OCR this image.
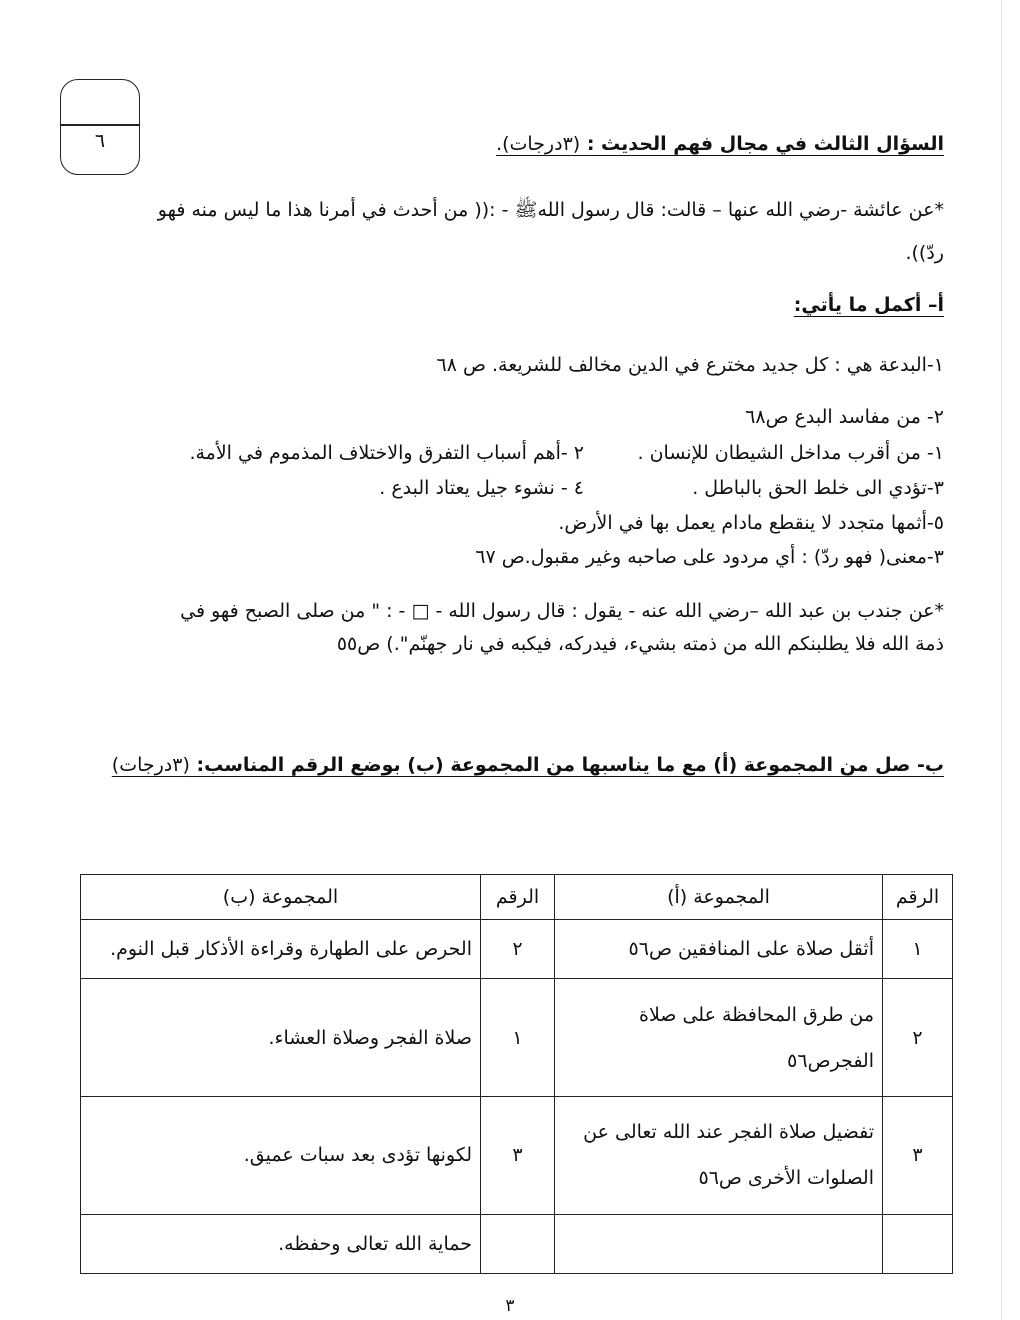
٦	السؤال الثالث في مجال فهم الحديث : (٣درجات).
*عن عائشة -رضي الله عنها – قالت: قال رسول اللهﷺ - :(( من أحدث في أمرنا هذا ما ليس منه فهو
ردّ)).
أ– أكمل ما يأتي:
١-البدعة هي : كل جديد مخترع في الدين مخالف للشريعة. ص ٦٨
٢- من مفاسد البدع ص٦٨
١- من أقرب مداخل الشيطان للإنسان .
٢ -أهم أسباب التفرق والاختلاف المذموم في الأمة.
٣-تؤدي الى خلط الحق بالباطل .
٤ - نشوء جيل يعتاد البدع .
٥-أثمها متجدد لا ينقطع مادام يعمل بها في الأرض.
٣-معنى( فهو ردّ) : أي مردود على صاحبه وغير مقبول.ص ٦٧
*عن جندب بن عبد الله –رضي الله عنه - يقول : قال رسول الله - □ - : " من صلى الصبح فهو في
ذمة الله فلا يطلبنكم الله من ذمته بشيء، فيدركه، فيكبه في نار جهنّم".) ص٥٥
ب- صل من المجموعة (أ) مع ما يناسبها من المجموعة (ب) بوضع الرقم المناسب: (٣درجات)
الرقم	المجموعة (أ)	الرقم	المجموعة (ب)
١	أثقل صلاة على المنافقين ص٥٦	٢	الحرص على الطهارة وقراءة الأذكار قبل النوم.
٢	من طرق المحافظة على صلاة الفجرص٥٦	١	صلاة الفجر وصلاة العشاء.
٣	تفضيل صلاة الفجر عند الله تعالى عن الصلوات الأخرى ص٥٦	٣	لكونها تؤدى بعد سبات عميق.
			حماية الله تعالى وحفظه.
٣
